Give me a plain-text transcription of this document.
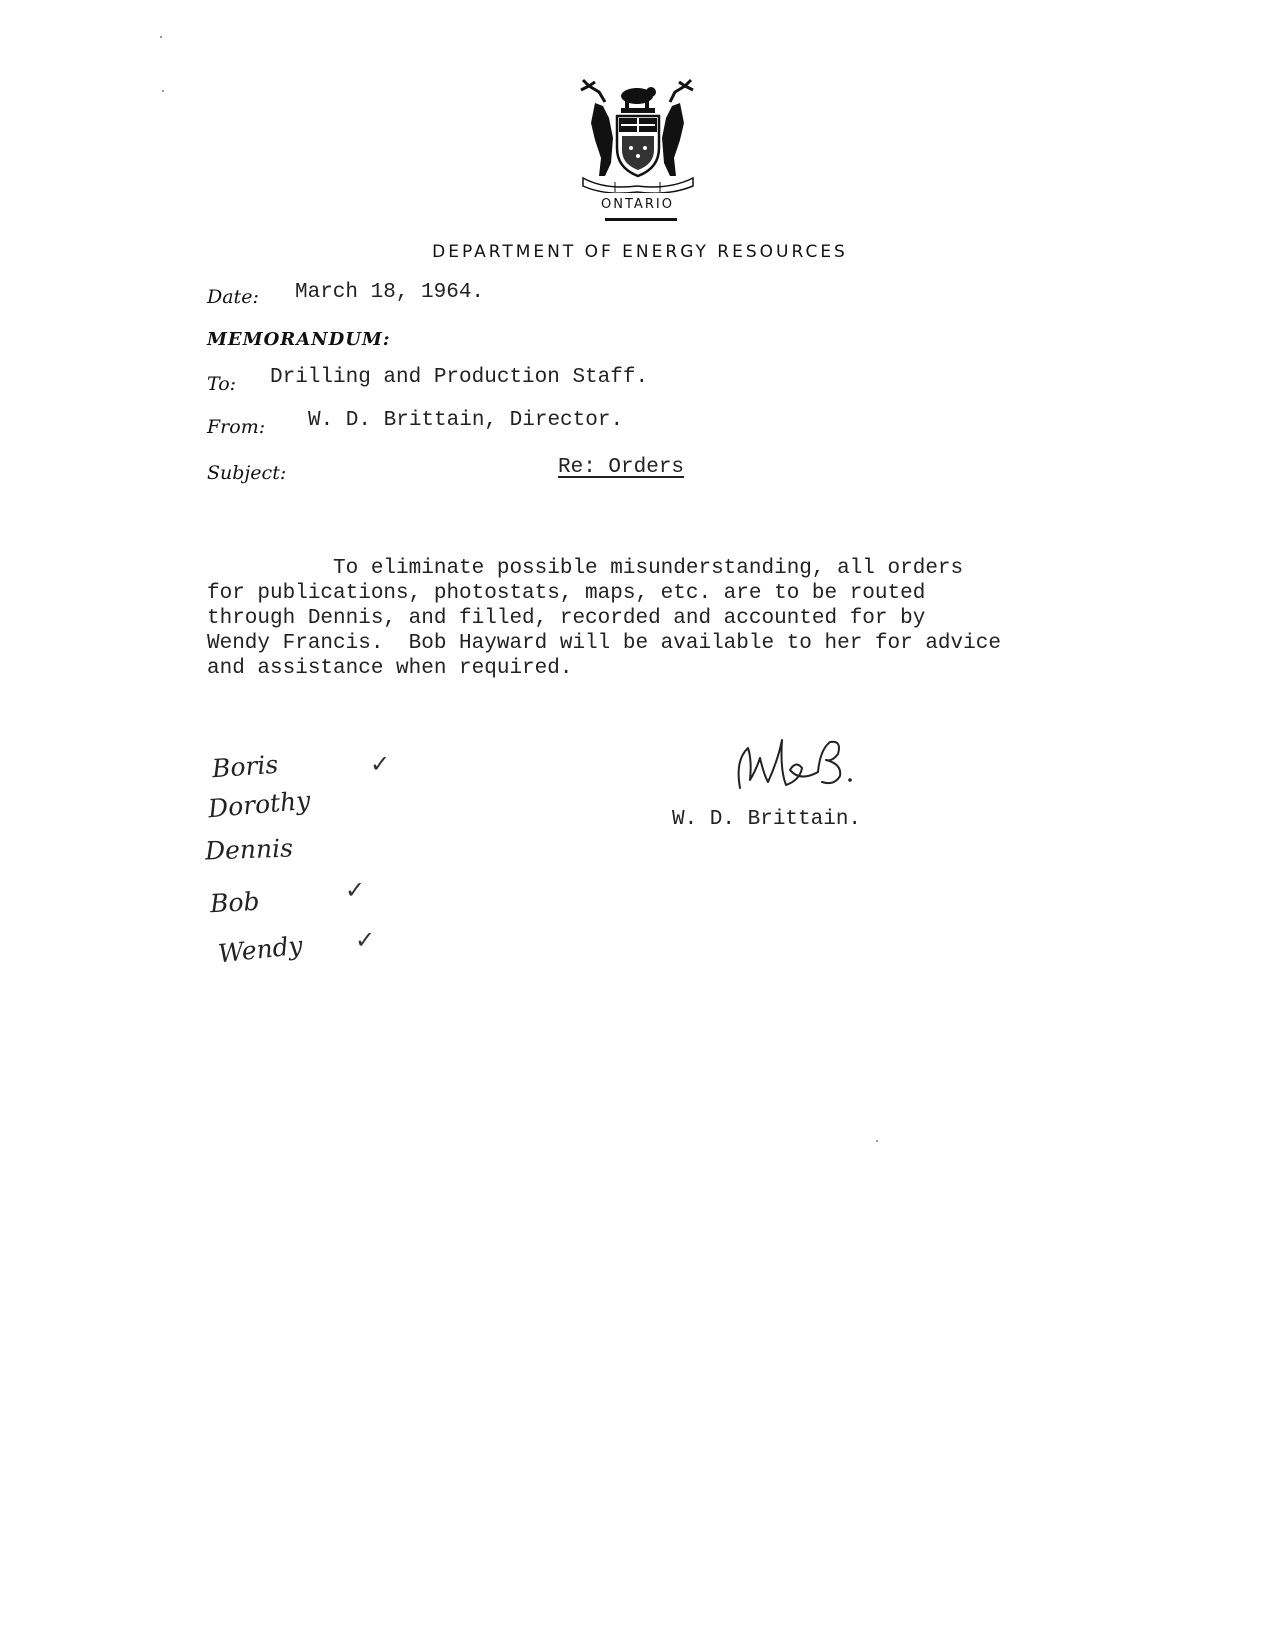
ONTARIO
DEPARTMENT OF ENERGY RESOURCES
Date: March 18, 1964.
MEMORANDUM:
To: Drilling and Production Staff.
From: W. D. Brittain, Director.
Subject:	Re: Orders

To eliminate possible misunderstanding, all orders
for publications, photostats, maps, etc. are to be routed
through Dennis, and filled, recorded and accounted for by
Wendy Francis.  Bob Hayward will be available to her for advice
and assistance when required.
Boris	✓
Dorothy
Dennis
Bob	✓
Wendy ✓
W. D. Brittain.
